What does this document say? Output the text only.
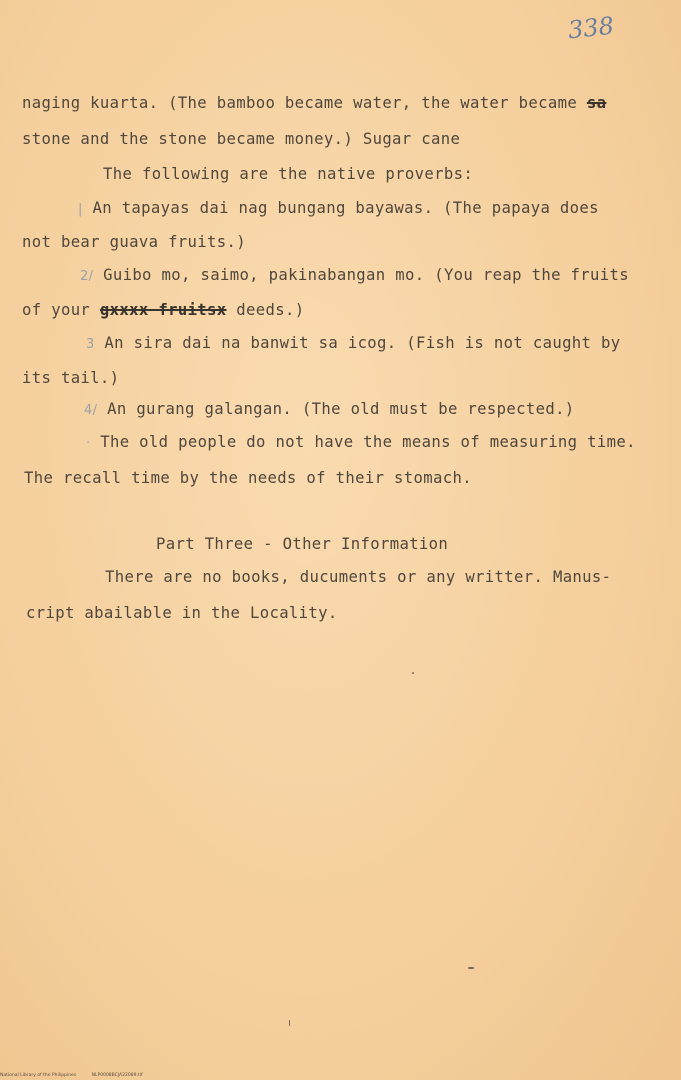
338
naging kuarta. (The bamboo became water, the water became sa
stone and the stone became money.) Sugar cane
The following are the native proverbs:
| An tapayas dai nag bungang bayawas. (The papaya does
not bear guava fruits.)
2/ Guibo mo, saimo, pakinabangan mo. (You reap the fruits
of your gxxxx fruitsx deeds.)
3 An sira dai na banwit sa icog. (Fish is not caught by
its tail.)
4/ An gurang galangan. (The old must be respected.)
· The old people do not have the means of measuring time.
The recall time by the needs of their stomach.
Part Three - Other Information
There are no books, ducuments or any writter. Manus-
cript abailable in the Locality.
National Library of the Philippines	NLP0008BCJA22089.tif
